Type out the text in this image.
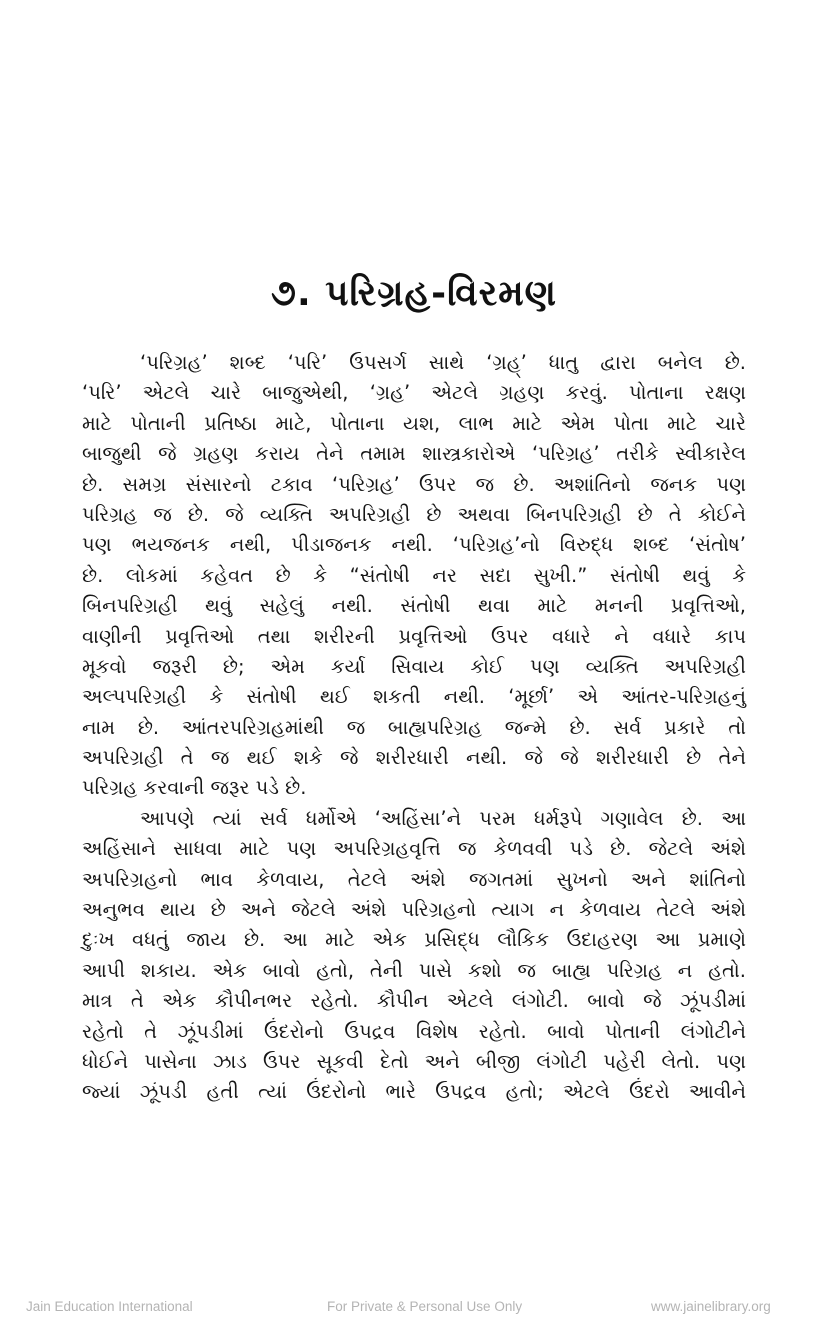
૭. પરિગ્રહ-વિરમણ
‘પરિગ્રહ’ શબ્દ ‘પરિ’ ઉપસર્ગ સાથે ‘ગ્રહ્’ ધાતુ દ્વારા બનેલ છે.
‘પરિ’ એટલે ચારે બાજુએથી, ‘ગ્રહ’ એટલે ગ્રહણ કરવું. પોતાના રક્ષણ
માટે પોતાની પ્રતિષ્ઠા માટે, પોતાના યશ, લાભ માટે એમ પોતા માટે ચારે
બાજુથી જે ગ્રહણ કરાય તેને તમામ શાસ્ત્રકારોએ ‘પરિગ્રહ’ તરીકે સ્વીકારેલ
છે. સમગ્ર સંસારનો ટકાવ ‘પરિગ્રહ’ ઉપર જ છે. અશાંતિનો જનક પણ
પરિગ્રહ જ છે. જે વ્યક્તિ અપરિગ્રહી છે અથવા બિનપરિગ્રહી છે તે કોઈને
પણ ભયજનક નથી, પીડાજનક નથી. ‘પરિગ્રહ’નો વિરુદ્ધ શબ્દ ‘સંતોષ’
છે. લોકમાં કહેવત છે કે “સંતોષી નર સદા સુખી.” સંતોષી થવું કે
બિનપરિગ્રહી થવું સહેલું નથી. સંતોષી થવા માટે મનની પ્રવૃત્તિઓ,
વાણીની પ્રવૃત્તિઓ તથા શરીરની પ્રવૃત્તિઓ ઉપર વધારે ને વધારે કાપ
મૂકવો જરૂરી છે; એમ કર્યા સિવાય કોઈ પણ વ્યક્તિ અપરિગ્રહી
અલ્પપરિગ્રહી કે સંતોષી થઈ શકતી નથી. ‘મૂર્છા’ એ આંતર-પરિગ્રહનું
નામ છે. આંતરપરિગ્રહમાંથી જ બાહ્યપરિગ્રહ જન્મે છે. સર્વ પ્રકારે તો
અપરિગ્રહી તે જ થઈ શકે જે શરીરધારી નથી. જે જે શરીરધારી છે તેને
પરિગ્રહ કરવાની જરૂર પડે છે.
આપણે ત્યાં સર્વ ધર્મોએ ‘અહિંસા’ને પરમ ધર્મરૂપે ગણાવેલ છે. આ
અહિંસાને સાધવા માટે પણ અપરિગ્રહવૃત્તિ જ કેળવવી પડે છે. જેટલે અંશે
અપરિગ્રહનો ભાવ કેળવાય, તેટલે અંશે જગતમાં સુખનો અને શાંતિનો
અનુભવ થાય છે અને જેટલે અંશે પરિગ્રહનો ત્યાગ ન કેળવાય તેટલે અંશે
દુઃખ વધતું જાય છે. આ માટે એક પ્રસિદ્ધ લૌકિક ઉદાહરણ આ પ્રમાણે
આપી શકાય. એક બાવો હતો, તેની પાસે કશો જ બાહ્ય પરિગ્રહ ન હતો.
માત્ર તે એક કૌપીનભર રહેતો. કૌપીન એટલે લંગોટી. બાવો જે ઝૂંપડીમાં
રહેતો તે ઝૂંપડીમાં ઉંદરોનો ઉપદ્રવ વિશેષ રહેતો. બાવો પોતાની લંગોટીને
ધોઈને પાસેના ઝાડ ઉપર સૂકવી દેતો અને બીજી લંગોટી પહેરી લેતો. પણ
જ્યાં ઝૂંપડી હતી ત્યાં ઉંદરોનો ભારે ઉપદ્રવ હતો; એટલે ઉંદરો આવીને
Jain Education International	For Private & Personal Use Only	www.jainelibrary.org
